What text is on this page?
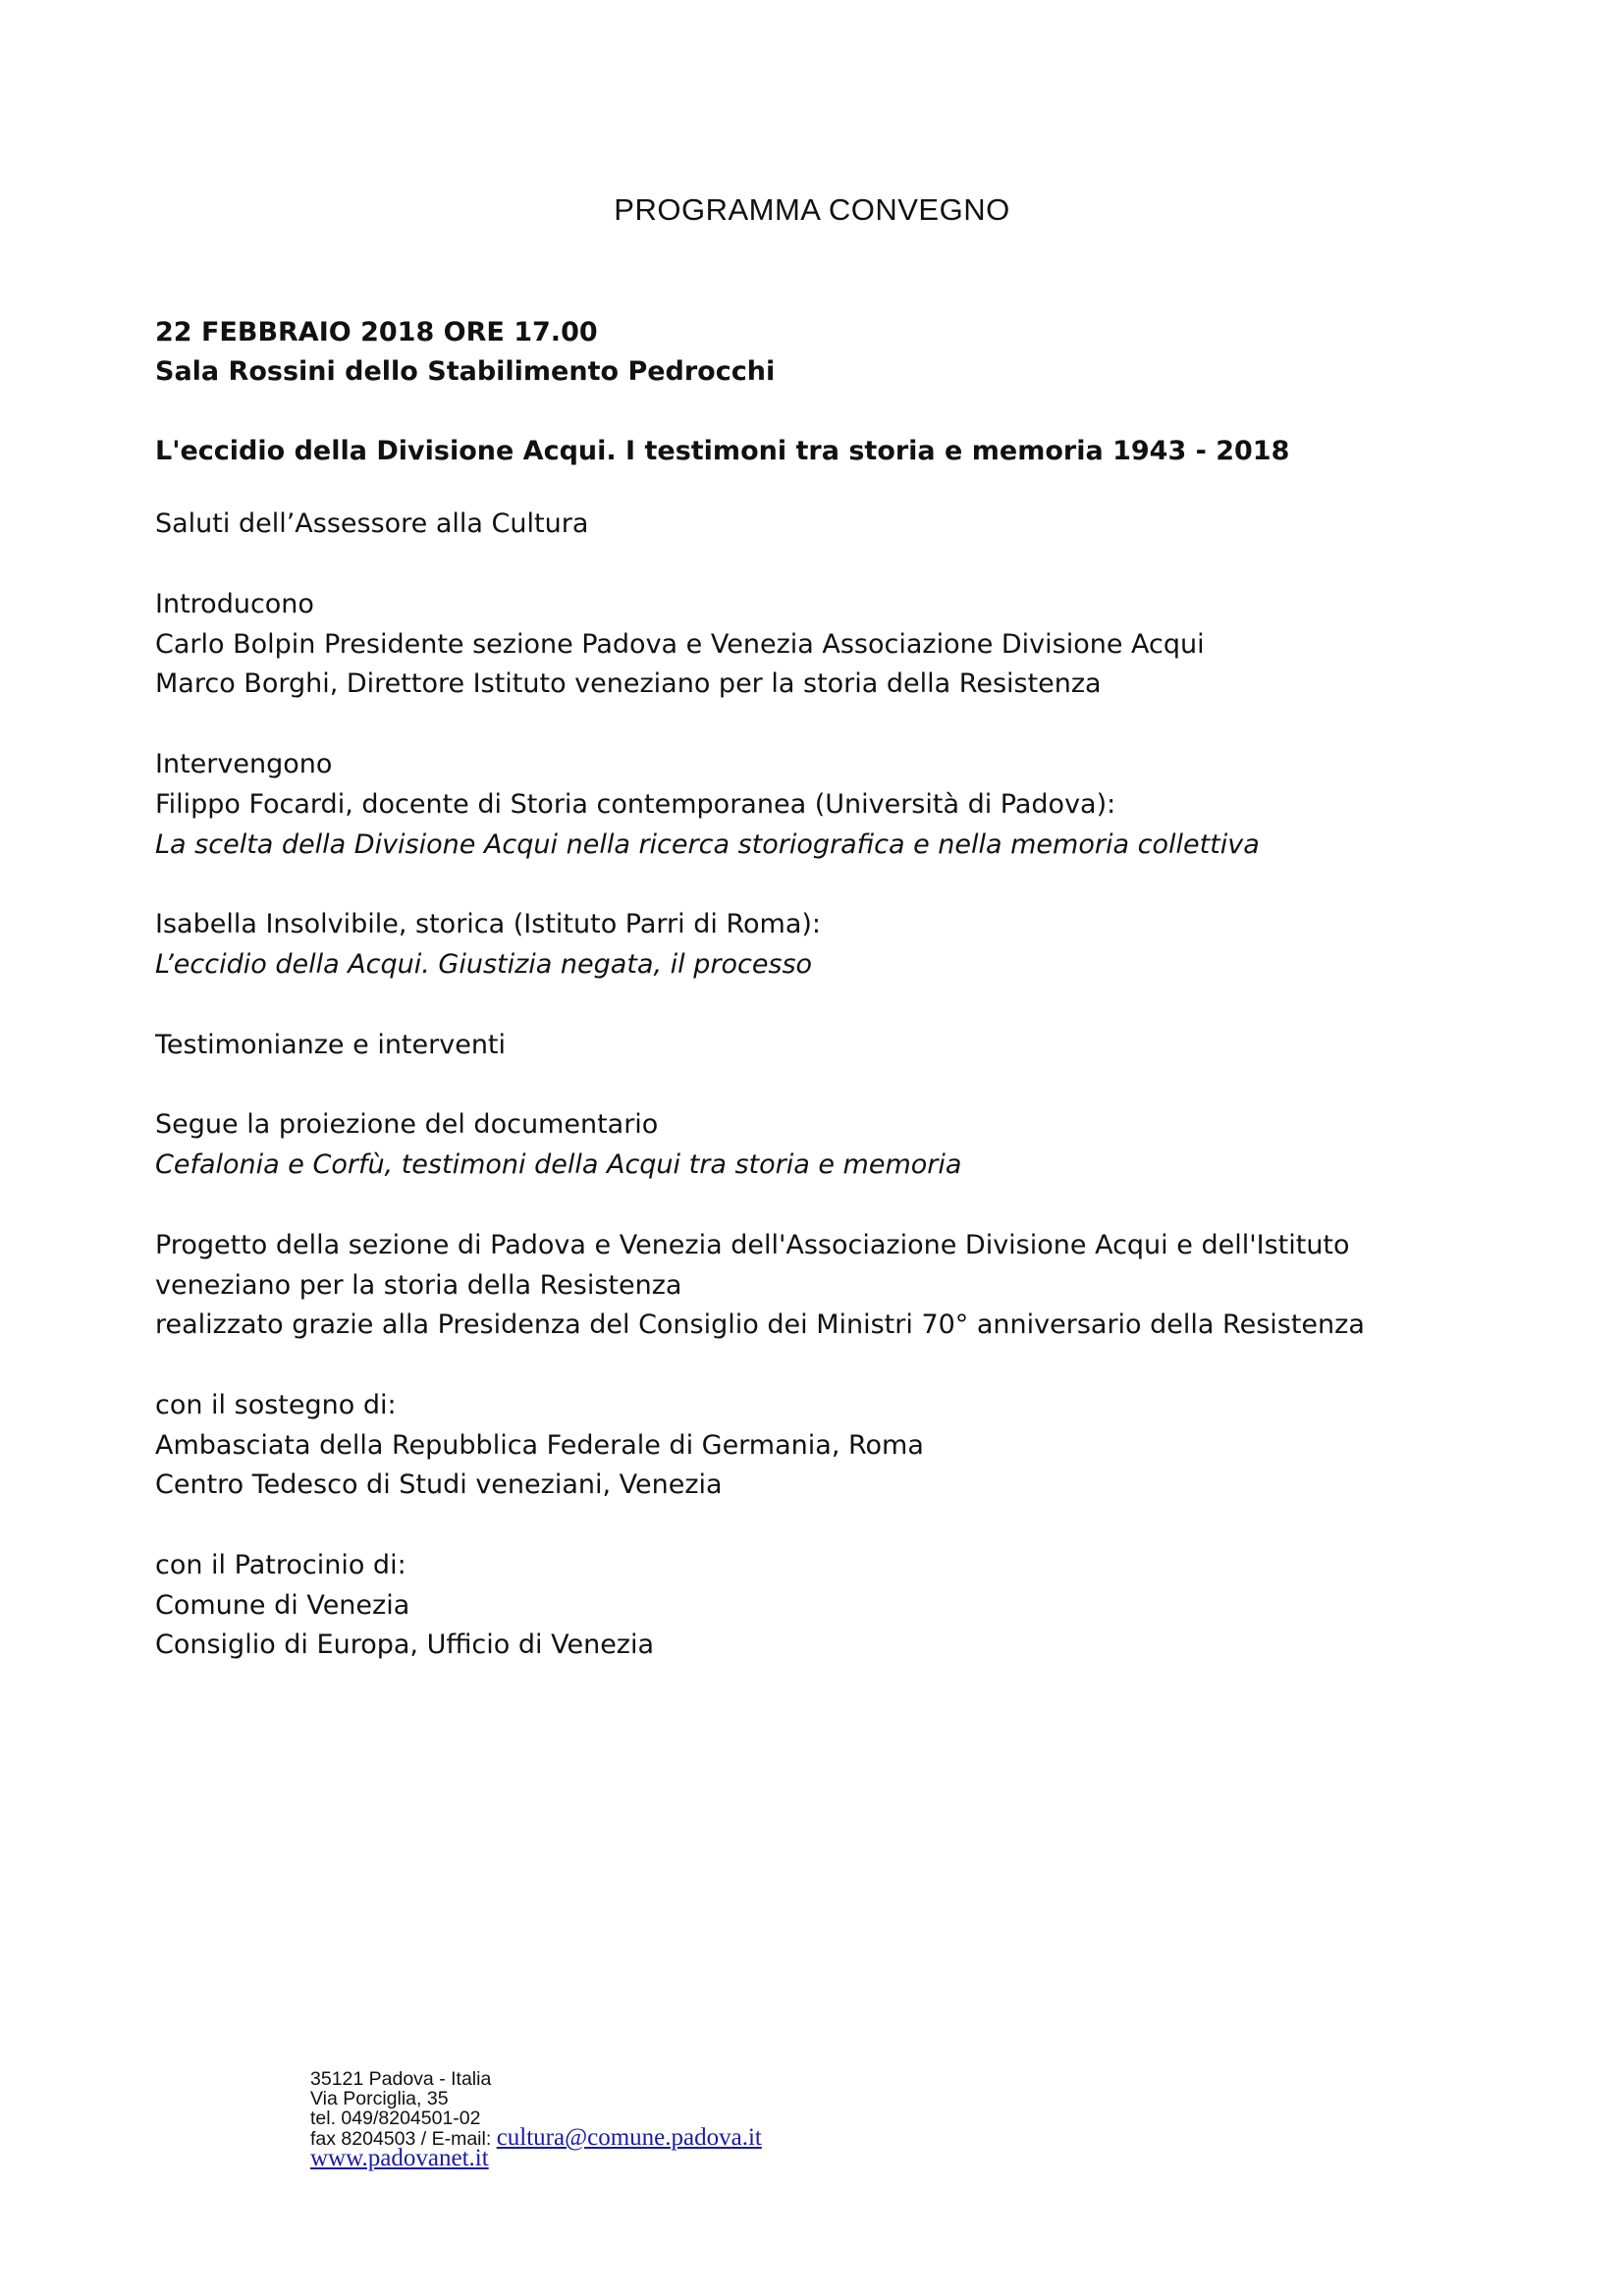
PROGRAMMA CONVEGNO
22 FEBBRAIO 2018 ORE 17.00
Sala Rossini dello Stabilimento Pedrocchi
L'eccidio della Divisione Acqui. I testimoni tra storia e memoria 1943 - 2018
Saluti dell’Assessore alla Cultura
Introducono
Carlo Bolpin Presidente sezione Padova e Venezia Associazione Divisione Acqui
Marco Borghi, Direttore Istituto veneziano per la storia della Resistenza
Intervengono
Filippo Focardi, docente di Storia contemporanea (Università di Padova):
La scelta della Divisione Acqui nella ricerca storiografica e nella memoria collettiva
Isabella Insolvibile, storica (Istituto Parri di Roma):
L’eccidio della Acqui. Giustizia negata, il processo
Testimonianze e interventi
Segue la proiezione del documentario
Cefalonia e Corfù, testimoni della Acqui tra storia e memoria
Progetto della sezione di Padova e Venezia dell'Associazione Divisione Acqui e dell'Istituto
veneziano per la storia della Resistenza
realizzato grazie alla Presidenza del Consiglio dei Ministri 70° anniversario della Resistenza
con il sostegno di:
Ambasciata della Repubblica Federale di Germania, Roma
Centro Tedesco di Studi veneziani, Venezia
con il Patrocinio di:
Comune di Venezia
Consiglio di Europa, Ufficio di Venezia
35121 Padova - Italia
Via Porciglia, 35
tel. 049/8204501-02
fax 8204503 / E-mail: cultura@comune.padova.it
www.padovanet.it
